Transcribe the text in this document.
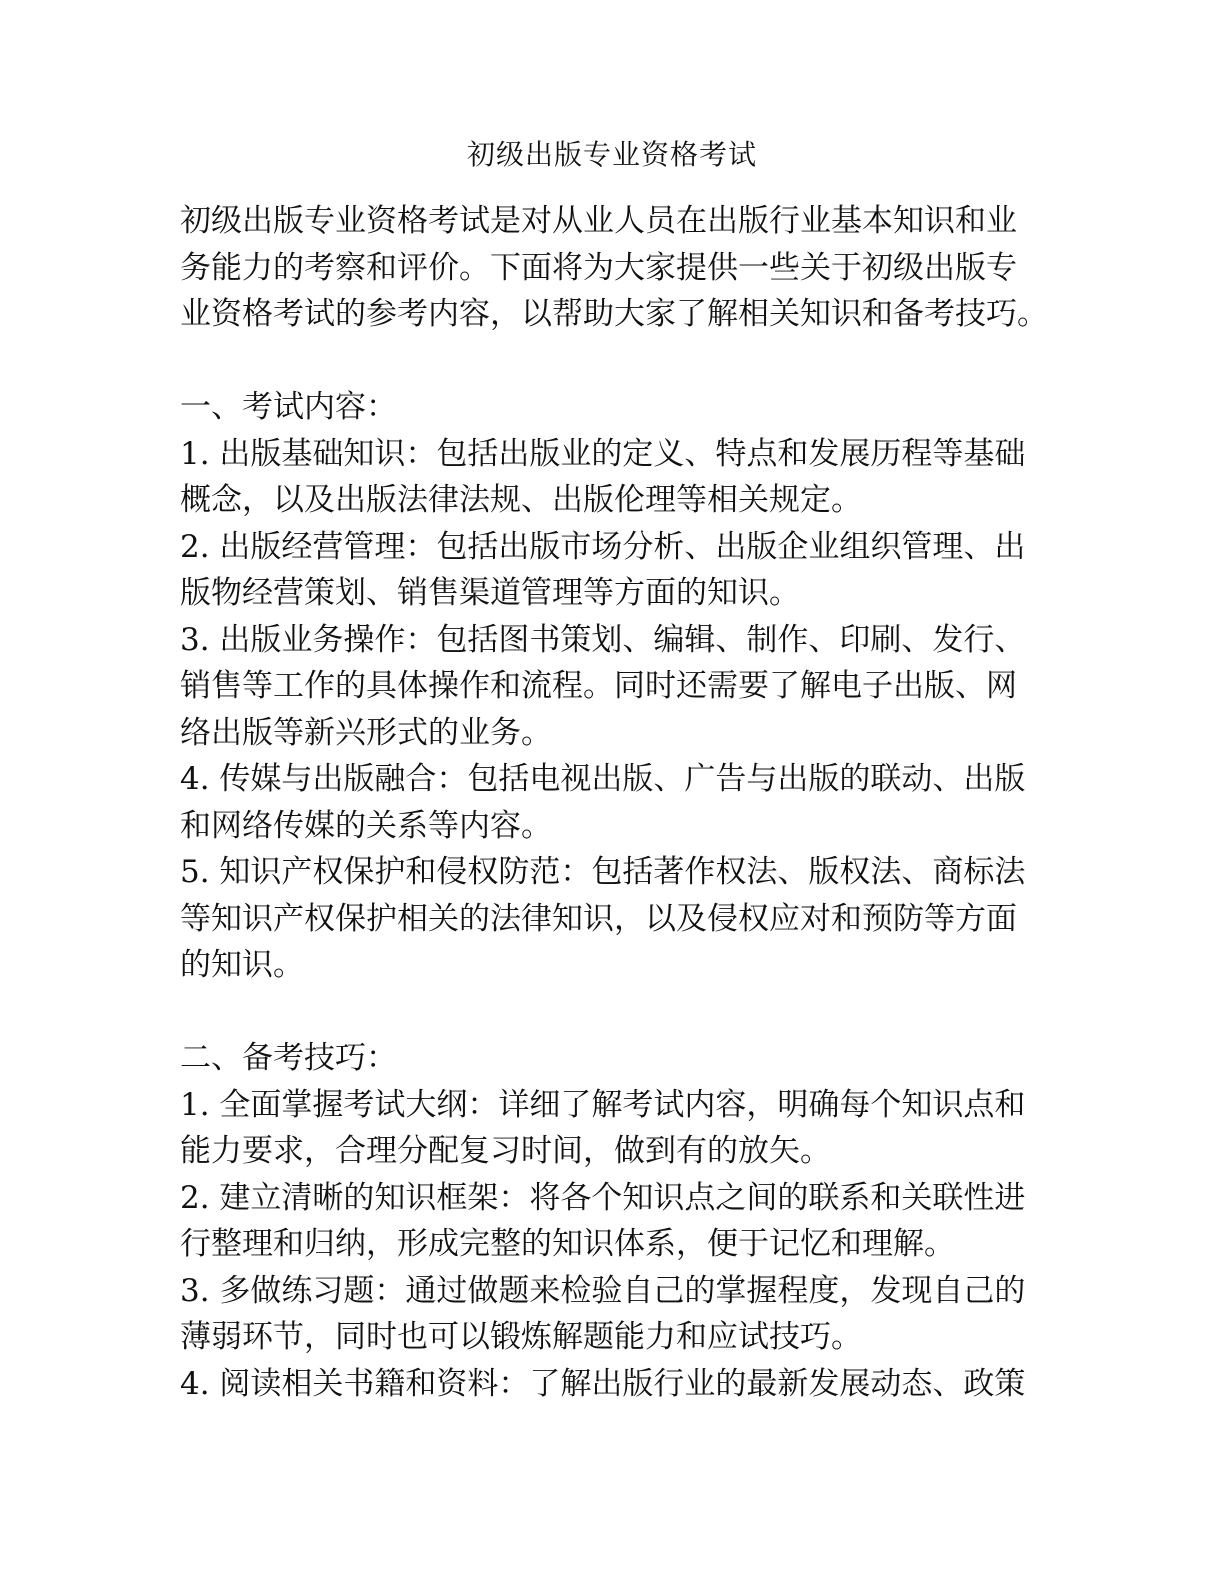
初级出版专业资格考试

初级出版专业资格考试是对从业人员在出版行业基本知识和业

务能力的考察和评价。下面将为大家提供一些关于初级出版专

业资格考试的参考内容，以帮助大家了解相关知识和备考技巧。

一、考试内容：

1. 出版基础知识：包括出版业的定义、特点和发展历程等基础

概念，以及出版法律法规、出版伦理等相关规定。

2. 出版经营管理：包括出版市场分析、出版企业组织管理、出

版物经营策划、销售渠道管理等方面的知识。

3. 出版业务操作：包括图书策划、编辑、制作、印刷、发行、

销售等工作的具体操作和流程。同时还需要了解电子出版、网

络出版等新兴形式的业务。

4. 传媒与出版融合：包括电视出版、广告与出版的联动、出版

和网络传媒的关系等内容。

5. 知识产权保护和侵权防范：包括著作权法、版权法、商标法

等知识产权保护相关的法律知识，以及侵权应对和预防等方面

的知识。

二、备考技巧：

1. 全面掌握考试大纲：详细了解考试内容，明确每个知识点和

能力要求，合理分配复习时间，做到有的放矢。

2. 建立清晰的知识框架：将各个知识点之间的联系和关联性进

行整理和归纳，形成完整的知识体系，便于记忆和理解。

3. 多做练习题：通过做题来检验自己的掌握程度，发现自己的

薄弱环节，同时也可以锻炼解题能力和应试技巧。

4. 阅读相关书籍和资料：了解出版行业的最新发展动态、政策
